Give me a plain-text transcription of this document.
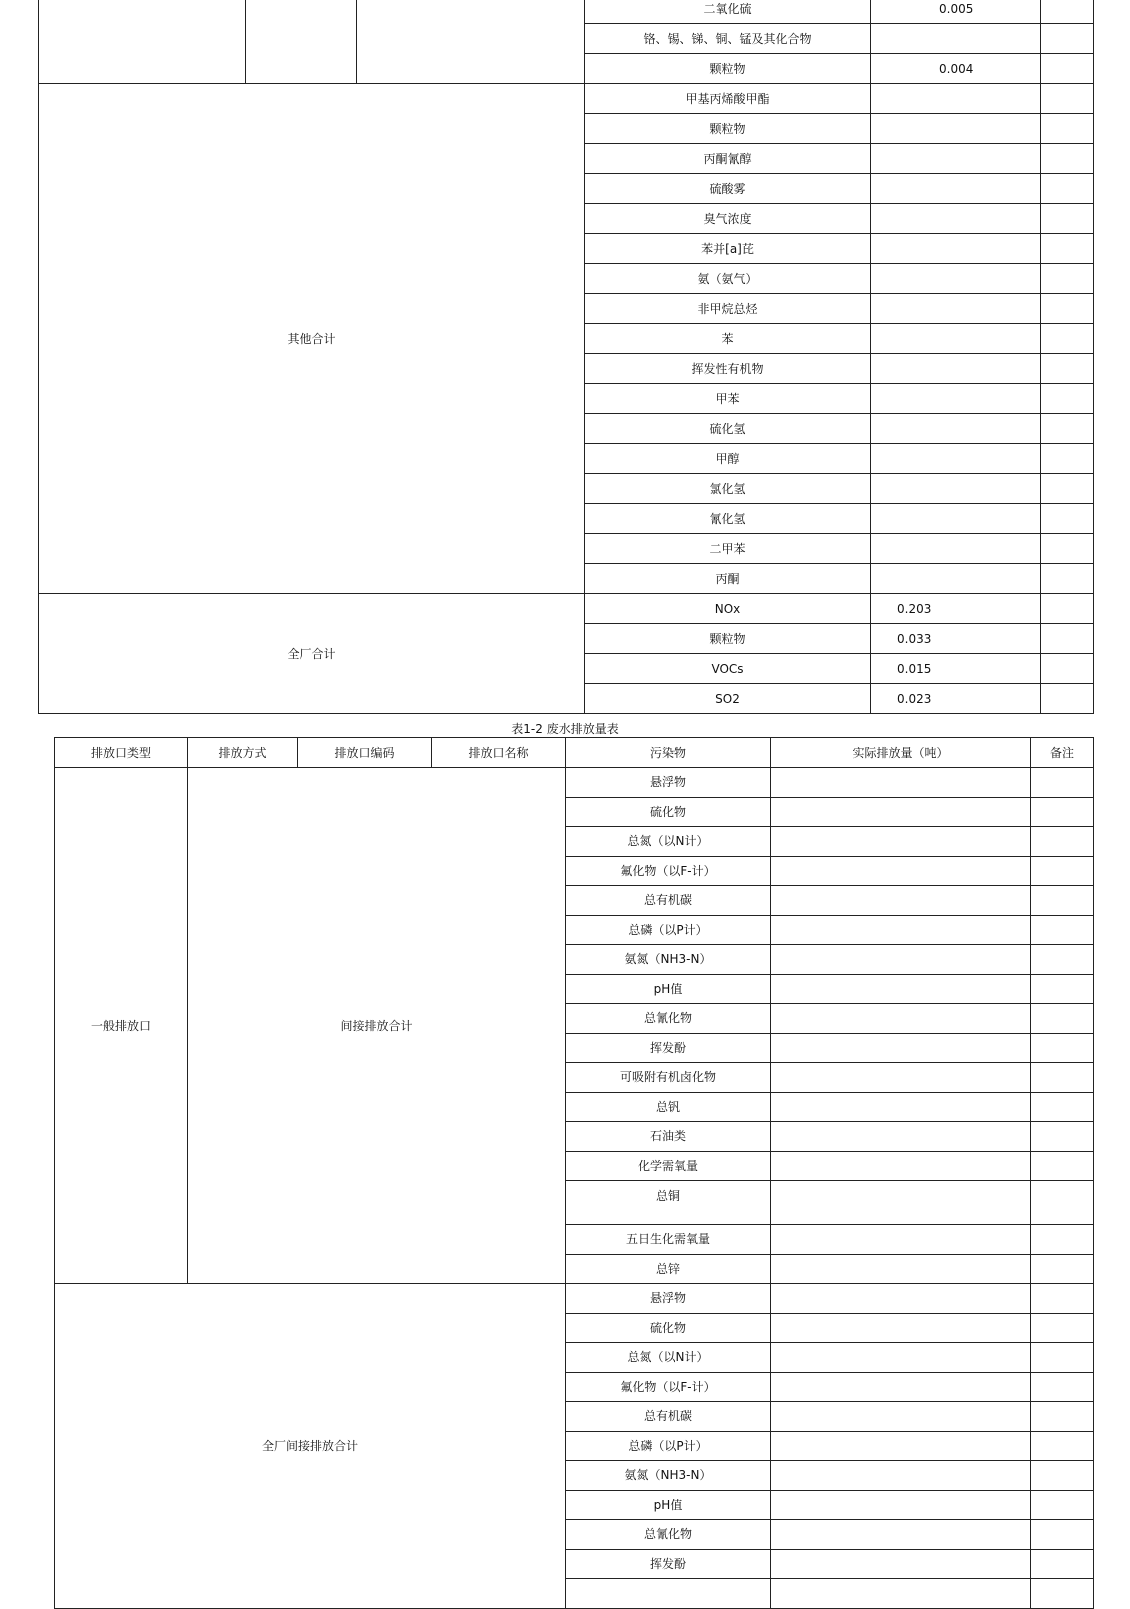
			二氧化硫	0.005	
			铬、锡、锑、铜、锰及其化合物		
			颗粒物	0.004	
其他合计			甲基丙烯酸甲酯		
			颗粒物		
			丙酮氰醇		
			硫酸雾		
			臭气浓度		
			苯并[a]芘		
			氨（氨气）		
			非甲烷总烃		
			苯		
			挥发性有机物		
			甲苯		
			硫化氢		
			甲醇		
			氯化氢		
			氰化氢		
			二甲苯		
			丙酮		
全厂合计			NOx	0.203	
			颗粒物	0.033	
			VOCs	0.015	
			SO2	0.023	
表1-2 废水排放量表
排放口类型	排放方式	排放口编码	排放口名称	污染物	实际排放量（吨）	备注
一般排放口	间接排放合计			悬浮物		
				硫化物		
				总氮（以N计）		
				氟化物（以F-计）		
				总有机碳		
				总磷（以P计）		
				氨氮（NH3-N）		
				pH值		
				总氰化物		
				挥发酚		
				可吸附有机卤化物		
				总钒		
				石油类		
				化学需氧量		
				总铜		
				五日生化需氧量		
				总锌		
全厂间接排放合计				悬浮物		
				硫化物		
				总氮（以N计）		
				氟化物（以F-计）		
				总有机碳		
				总磷（以P计）		
				氨氮（NH3-N）		
				pH值		
				总氰化物		
				挥发酚		
